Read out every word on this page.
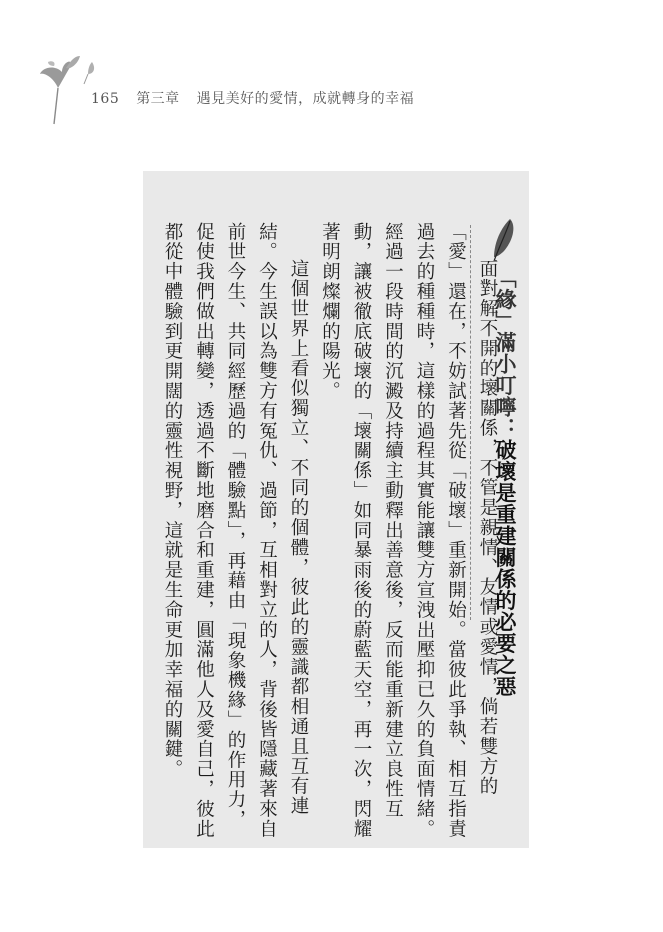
165 第三章 遇見美好的愛情，成就轉身的幸福
「緣」滿小叮嚀：破壞是重建關係的必要之惡

面對解不開的壞關係，不管是親情、友情或愛情，倘若雙方的「愛」還在，不妨試著先從「破壞」重新開始。當彼此爭執、相互指責過去的種種時，這樣的過程其實能讓雙方宣洩出壓抑已久的負面情緒。經過一段時間的沉澱及持續主動釋出善意後，反而能重新建立良性互動，讓被徹底破壞的「壞關係」如同暴雨後的蔚藍天空，再一次，閃耀著明朗燦爛的陽光。

這個世界上看似獨立、不同的個體，彼此的靈識都相通且互有連結。今生誤以為雙方有冤仇、過節，互相對立的人，背後皆隱藏著來自前世今生、共同經歷過的「體驗點」，再藉由「現象機緣」的作用力，促使我們做出轉變，透過不斷地磨合和重建，圓滿他人及愛自己，彼此都從中體驗到更開闊的靈性視野，這就是生命更加幸福的關鍵。
